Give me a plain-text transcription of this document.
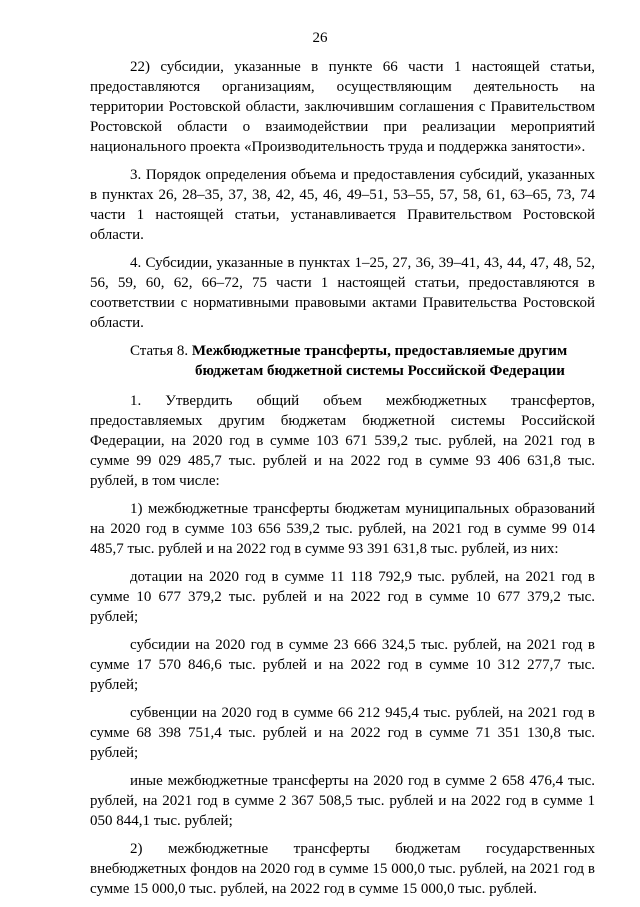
26

22) субсидии, указанные в пункте 66 части 1 настоящей статьи, предоставляются организациям, осуществляющим деятельность на территории Ростовской области, заключившим соглашения с Правительством Ростовской области о взаимодействии при реализации мероприятий национального проекта «Производительность труда и поддержка занятости».

3. Порядок определения объема и предоставления субсидий, указанных в пунктах 26, 28–35, 37, 38, 42, 45, 46, 49–51, 53–55, 57, 58, 61, 63–65, 73, 74 части 1 настоящей статьи, устанавливается Правительством Ростовской области.

4. Субсидии, указанные в пунктах 1–25, 27, 36, 39–41, 43, 44, 47, 48, 52, 56, 59, 60, 62, 66–72, 75 части 1 настоящей статьи, предоставляются в соответствии с нормативными правовыми актами Правительства Ростовской области.

Статья 8. Межбюджетные трансферты, предоставляемые другим
бюджетам бюджетной системы Российской Федерации

1. Утвердить общий объем межбюджетных трансфертов, предоставляемых другим бюджетам бюджетной системы Российской Федерации, на 2020 год в сумме 103 671 539,2 тыс. рублей, на 2021 год в сумме 99 029 485,7 тыс. рублей и на 2022 год в сумме 93 406 631,8 тыс. рублей, в том числе:

1) межбюджетные трансферты бюджетам муниципальных образований на 2020 год в сумме 103 656 539,2 тыс. рублей, на 2021 год в сумме 99 014 485,7 тыс. рублей и на 2022 год в сумме 93 391 631,8 тыс. рублей, из них:

дотации на 2020 год в сумме 11 118 792,9 тыс. рублей, на 2021 год в сумме 10 677 379,2 тыс. рублей и на 2022 год в сумме 10 677 379,2 тыс. рублей;

субсидии на 2020 год в сумме 23 666 324,5 тыс. рублей, на 2021 год в сумме 17 570 846,6 тыс. рублей и на 2022 год в сумме 10 312 277,7 тыс. рублей;

субвенции на 2020 год в сумме 66 212 945,4 тыс. рублей, на 2021 год в сумме 68 398 751,4 тыс. рублей и на 2022 год в сумме 71 351 130,8 тыс. рублей;

иные межбюджетные трансферты на 2020 год в сумме 2 658 476,4 тыс. рублей, на 2021 год в сумме 2 367 508,5 тыс. рублей и на 2022 год в сумме 1 050 844,1 тыс. рублей;

2) межбюджетные трансферты бюджетам государственных внебюджетных фондов на 2020 год в сумме 15 000,0 тыс. рублей, на 2021 год в сумме 15 000,0 тыс. рублей, на 2022 год в сумме 15 000,0 тыс. рублей.
